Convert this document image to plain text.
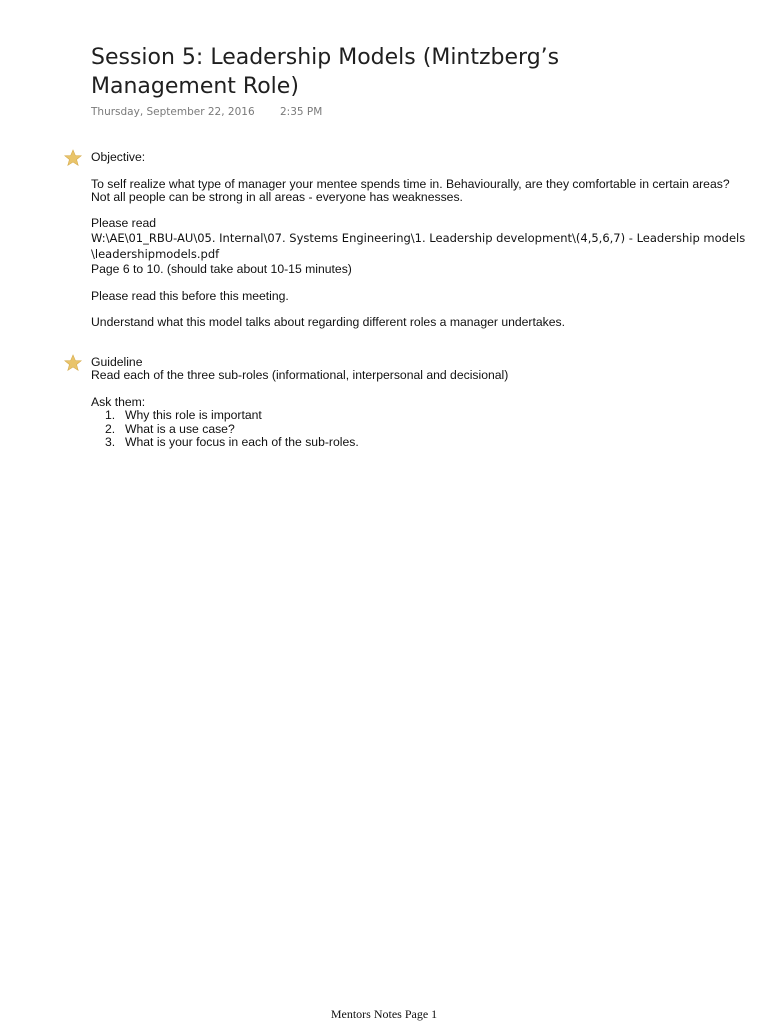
Session 5: Leadership Models (Mintzberg’s Management Role)
Thursday, September 22, 2016 2:35 PM

Objective:

To self realize what type of manager your mentee spends time in. Behaviourally, are they comfortable in certain areas?

Not all people can be strong in all areas - everyone has weaknesses.

Please read

W:\AE\01_RBU-AU\05. Internal\07. Systems Engineering\1. Leadership development\(4,5,6,7) - Leadership models

\leadershipmodels.pdf

Page 6 to 10. (should take about 10-15 minutes)

Please read this before this meeting.

Understand what this model talks about regarding different roles a manager undertakes.

Guideline

Read each of the three sub-roles (informational, interpersonal and decisional)

Ask them:

1. Why this role is important
2. What is a use case?
3. What is your focus in each of the sub-roles.
Mentors Notes Page 1
